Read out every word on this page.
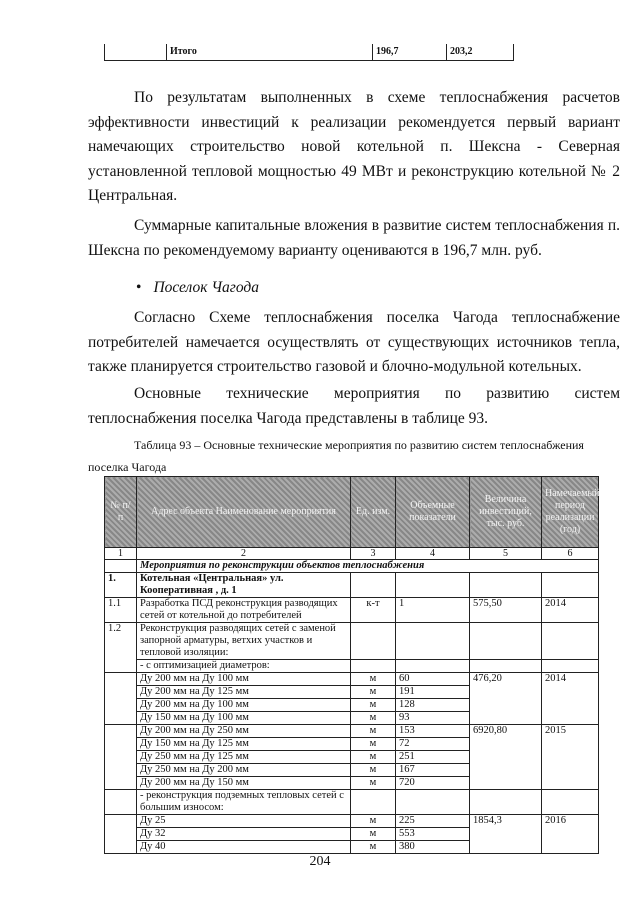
Итого	196,7	203,2

По результатам выполненных в схеме теплоснабжения расчетов эффективности инвестиций к реализации рекомендуется первый вариант намечающих строительство новой котельной п. Шексна - Северная установленной тепловой мощностью 49 МВт и реконструкцию котельной № 2 Центральная.

Суммарные капитальные вложения в развитие систем теплоснабжения п. Шексна по рекомендуемому варианту оцениваются в 196,7 млн. руб.

• Поселок Чагода

Согласно Схеме теплоснабжения поселка Чагода теплоснабжение потребителей намечается осуществлять от существующих источников тепла, также планируется строительство газовой и блочно-модульной котельных.

Основные технические мероприятия по развитию систем теплоснабжения поселка Чагода представлены в таблице 93.

Таблица 93 – Основные технические мероприятия по развитию систем теплоснабжения поселка Чагода

№ п/п	Адрес объекта Наименование мероприятия	Ед. изм.	Объемные показатели	Величина инвестиций, тыс. руб.	Намечаемый период реализации (год)
1	2	3	4	5	6
	Мероприятия по реконструкции объектов теплоснабжения				
1.	Котельная «Центральная» ул. Кооперативная , д. 1				
1.1	Разработка ПСД реконструкция разводящих сетей от котельной до потребителей	к-т	1	575,50	2014
1.2	Реконструкция разводящих сетей с заменой запорной арматуры, ветхих участков и тепловой изоляции:				
	- с оптимизацией диаметров:				
	Ду 200 мм на Ду 100 мм	м	60	476,20	2014
	Ду 200 мм на Ду 125 мм	м	191		
	Ду 200 мм на Ду 100 мм	м	128		
	Ду 150 мм на Ду 100 мм	м	93		
	Ду 200 мм на Ду 250 мм	м	153	6920,80	2015
	Ду 150 мм на Ду 125 мм	м	72		
	Ду 250 мм на Ду 125 мм	м	251		
	Ду 250 мм на Ду 200 мм	м	167		
	Ду 200 мм на Ду 150 мм	м	720		
	- реконструкция подземных тепловых сетей с большим износом:				
	Ду 25	м	225	1854,3	2016
	Ду 32	м	553		
	Ду 40	м	380		
204
